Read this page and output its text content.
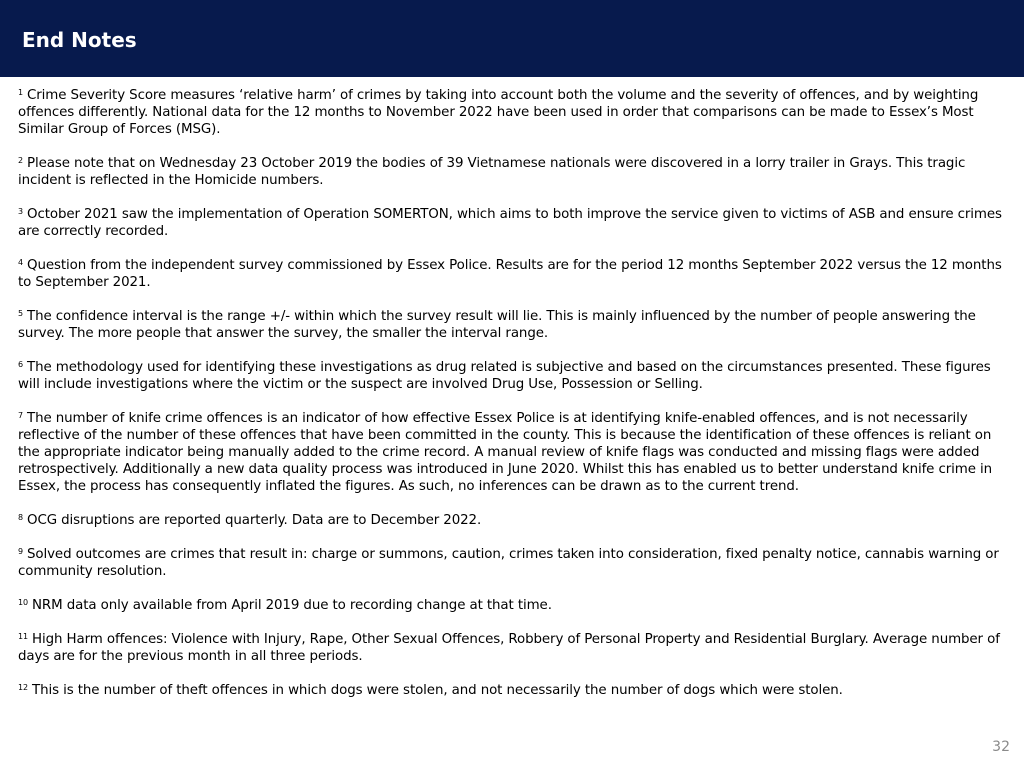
End Notes

$^1$ Crime Severity Score measures ‘relative harm’ of crimes by taking into account both the volume and the severity of offences, and by weighting offences differently. National data for the 12 months to November 2022 have been used in order that comparisons can be made to Essex’s Most Similar Group of Forces (MSG).

$^2$ Please note that on Wednesday 23 October 2019 the bodies of 39 Vietnamese nationals were discovered in a lorry trailer in Grays. This tragic incident is reflected in the Homicide numbers.

$^3$ October 2021 saw the implementation of Operation SOMERTON, which aims to both improve the service given to victims of ASB and ensure crimes are correctly recorded.

$^4$ Question from the independent survey commissioned by Essex Police. Results are for the period 12 months September 2022 versus the 12 months to September 2021.

$^5$ The confidence interval is the range +/- within which the survey result will lie. This is mainly influenced by the number of people answering the survey. The more people that answer the survey, the smaller the interval range.

$^6$ The methodology used for identifying these investigations as drug related is subjective and based on the circumstances presented. These figures will include investigations where the victim or the suspect are involved Drug Use, Possession or Selling.

$^7$ The number of knife crime offences is an indicator of how effective Essex Police is at identifying knife-enabled offences, and is not necessarily reflective of the number of these offences that have been committed in the county. This is because the identification of these offences is reliant on the appropriate indicator being manually added to the crime record. A manual review of knife flags was conducted and missing flags were added retrospectively. Additionally a new data quality process was introduced in June 2020. Whilst this has enabled us to better understand knife crime in Essex, the process has consequently inflated the figures. As such, no inferences can be drawn as to the current trend.

$^8$ OCG disruptions are reported quarterly. Data are to December 2022.

$^9$ Solved outcomes are crimes that result in: charge or summons, caution, crimes taken into consideration, fixed penalty notice, cannabis warning or community resolution.

$^{10}$ NRM data only available from April 2019 due to recording change at that time.

$^{11}$ High Harm offences: Violence with Injury, Rape, Other Sexual Offences, Robbery of Personal Property and Residential Burglary. Average number of days are for the previous month in all three periods.

$^{12}$ This is the number of theft offences in which dogs were stolen, and not necessarily the number of dogs which were stolen.

32
